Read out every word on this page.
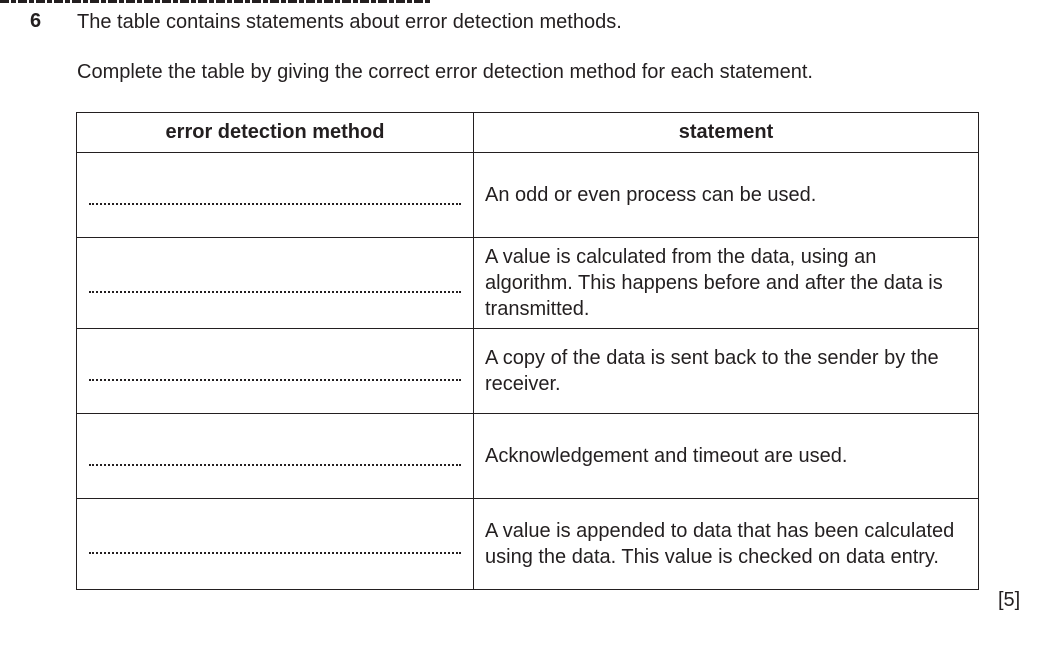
6 The table contains statements about error detection methods.
Complete the table by giving the correct error detection method for each statement.
error detection method	statement

	An odd or even process can be used.

	A value is calculated from the data, using an algorithm. This happens before and after the data is transmitted.

	A copy of the data is sent back to the sender by the receiver.

	Acknowledgement and timeout are used.

	A value is appended to data that has been calculated using the data. This value is checked on data entry.
[5]
